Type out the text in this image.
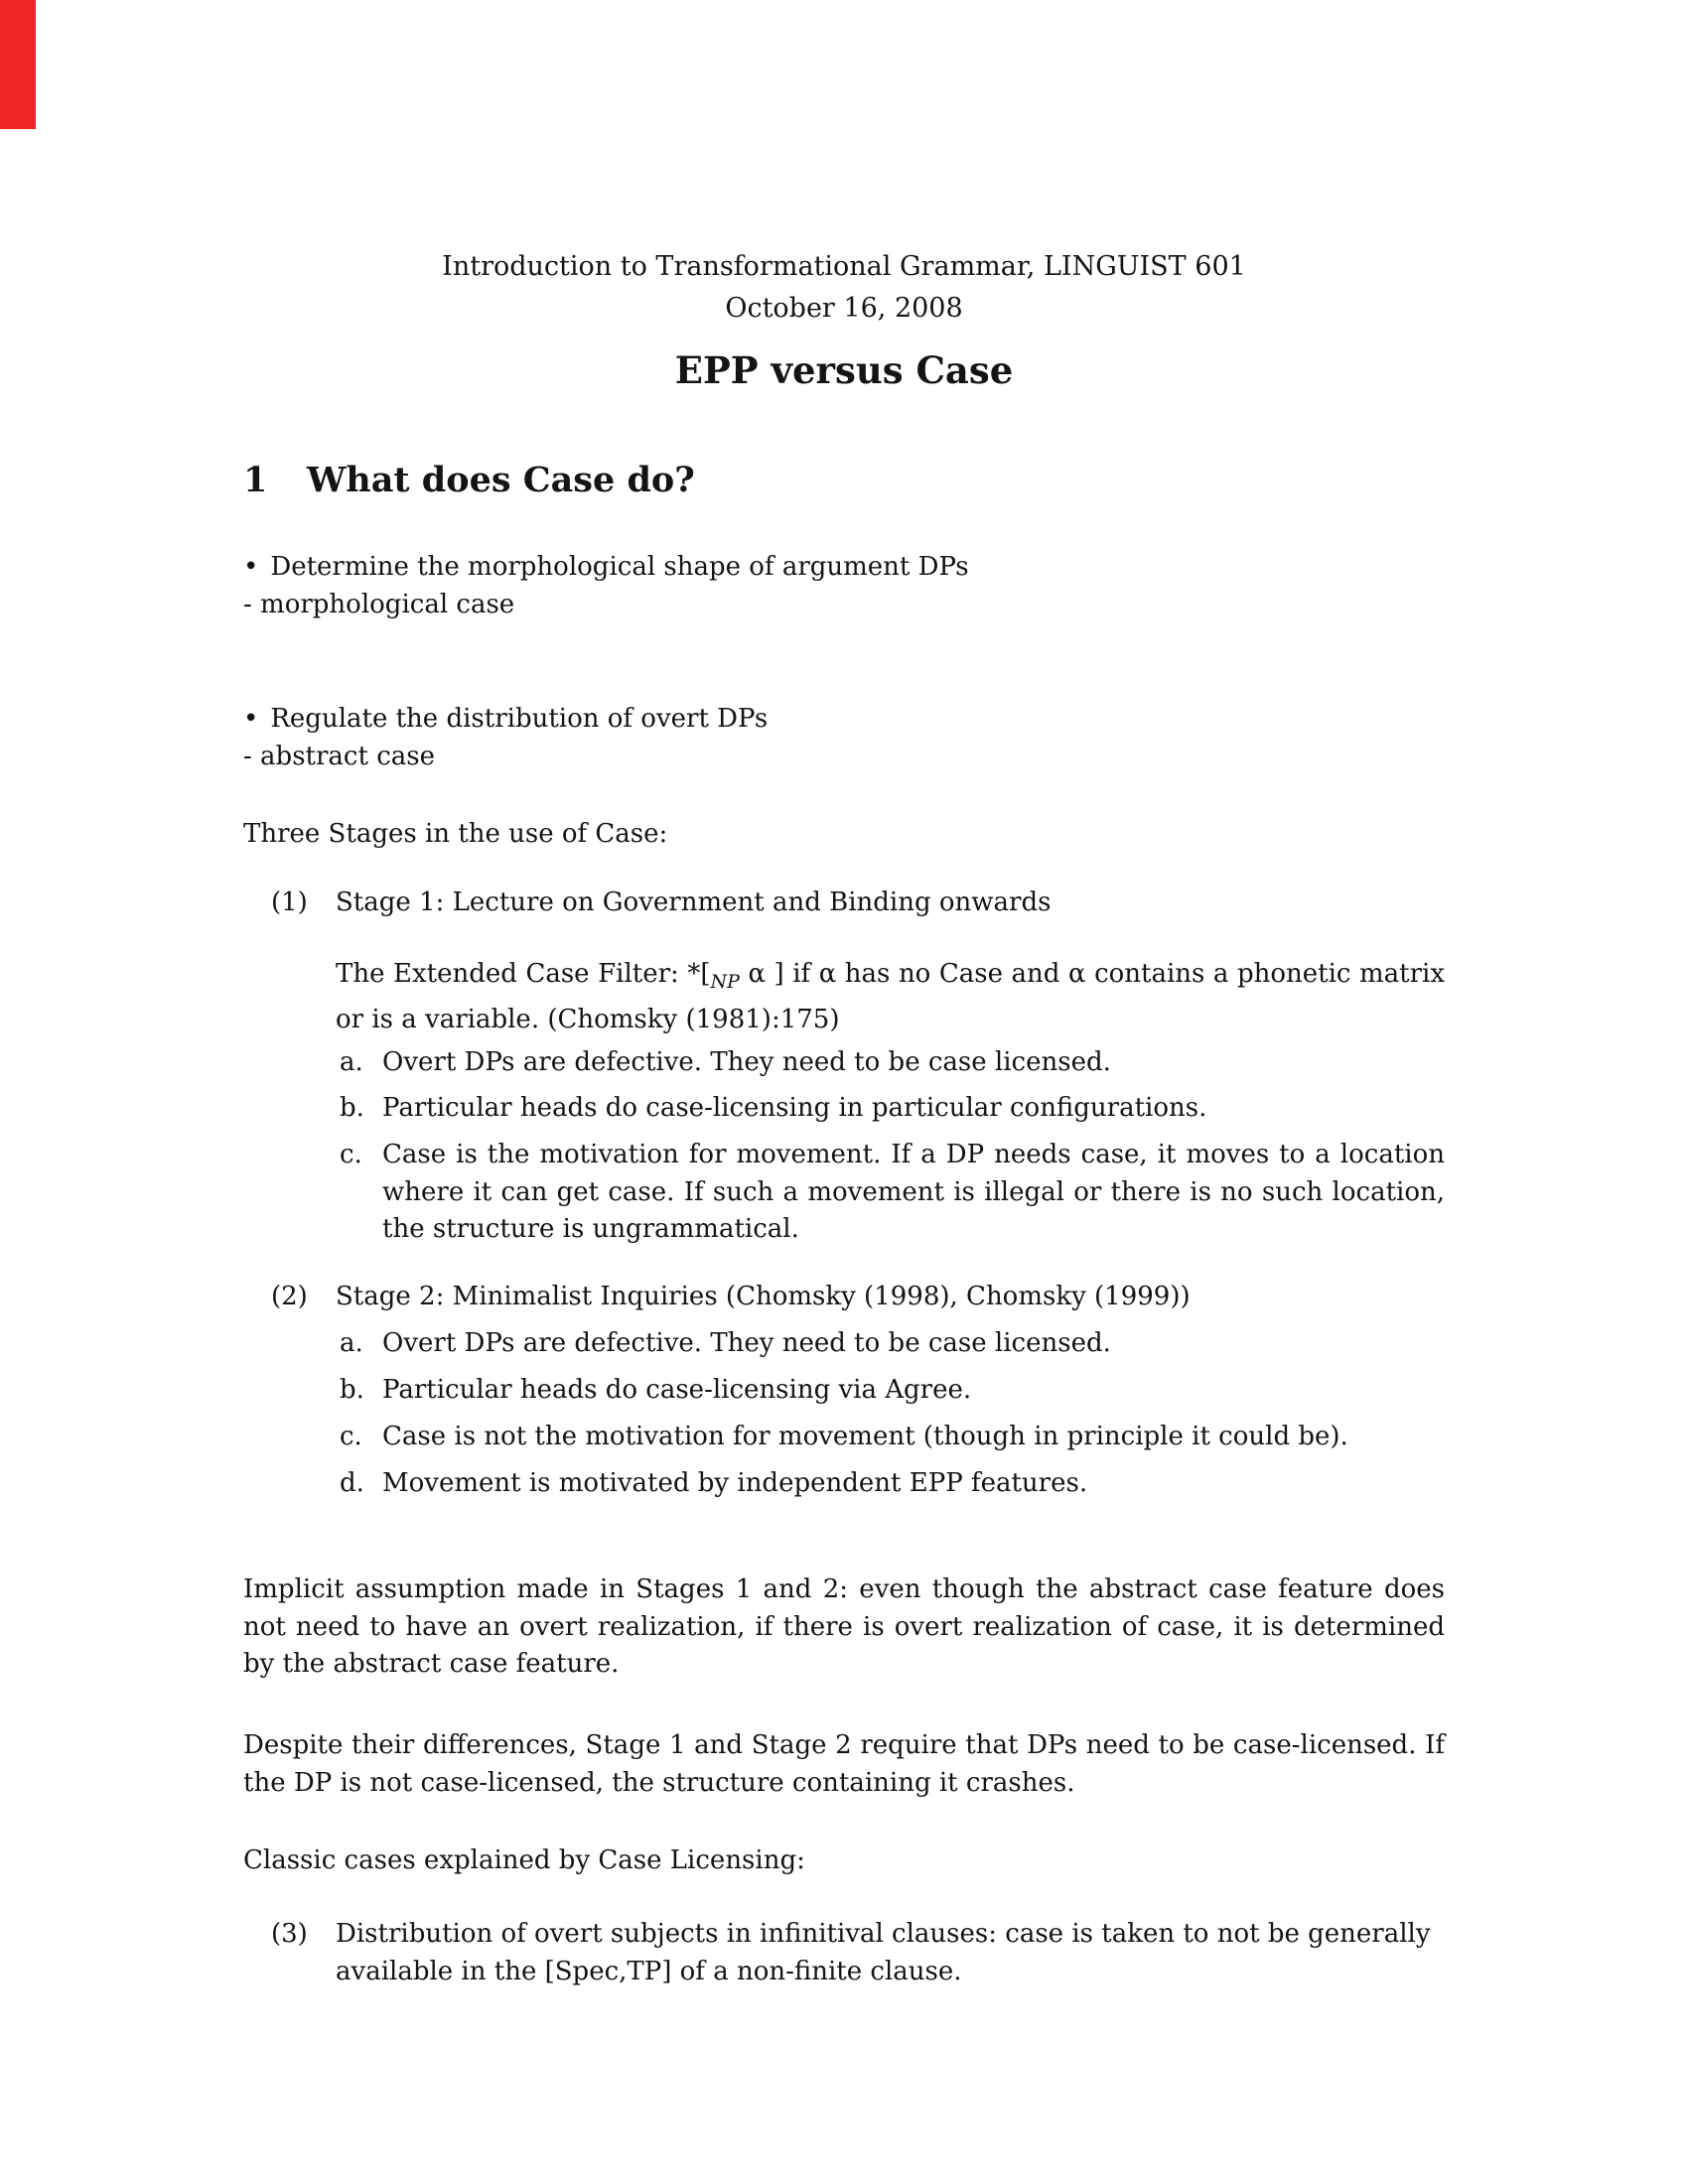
Introduction to Transformational Grammar, LINGUIST 601
October 16, 2008
EPP versus Case
1 What does Case do?
• Determine the morphological shape of argument DPs
- morphological case
• Regulate the distribution of overt DPs
- abstract case
Three Stages in the use of Case:
(1)	Stage 1: Lecture on Government and Binding onwards
The Extended Case Filter: $*[_{NP}$ α ] if α has no Case and α contains a phonetic matrix or is a variable. (Chomsky (1981):175)
a. Overt DPs are defective. They need to be case licensed.
b. Particular heads do case-licensing in particular configurations.
c. Case is the motivation for movement. If a DP needs case, it moves to a location where it can get case. If such a movement is illegal or there is no such location, the structure is ungrammatical.
(2)	Stage 2: Minimalist Inquiries (Chomsky (1998), Chomsky (1999))
a. Overt DPs are defective. They need to be case licensed.
b. Particular heads do case-licensing via Agree.
c. Case is not the motivation for movement (though in principle it could be).
d. Movement is motivated by independent EPP features.
Implicit assumption made in Stages 1 and 2: even though the abstract case feature does not need to have an overt realization, if there is overt realization of case, it is determined by the abstract case feature.
Despite their differences, Stage 1 and Stage 2 require that DPs need to be case-licensed. If the DP is not case-licensed, the structure containing it crashes.
Classic cases explained by Case Licensing:
(3)	Distribution of overt subjects in infinitival clauses: case is taken to not be generally available in the [Spec,TP] of a non-finite clause.
